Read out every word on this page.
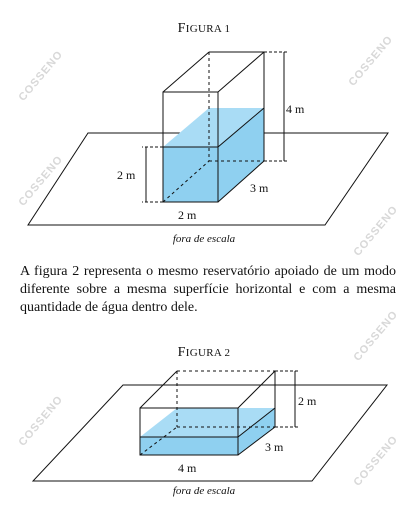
COSSENO	COSSENO
COSSENO
COSSENO
COSSENO
COSSENO
COSSENO
FIGURA 1
4 m
2 m
3 m
2 m
2 m
3 m
4 m
fora de escala
A figura 2 representa o mesmo reservatório apoiado de um modo diferente sobre a mesma superfície horizontal e com a mesma quantidade de água dentro dele.
FIGURA 2
fora de escala
